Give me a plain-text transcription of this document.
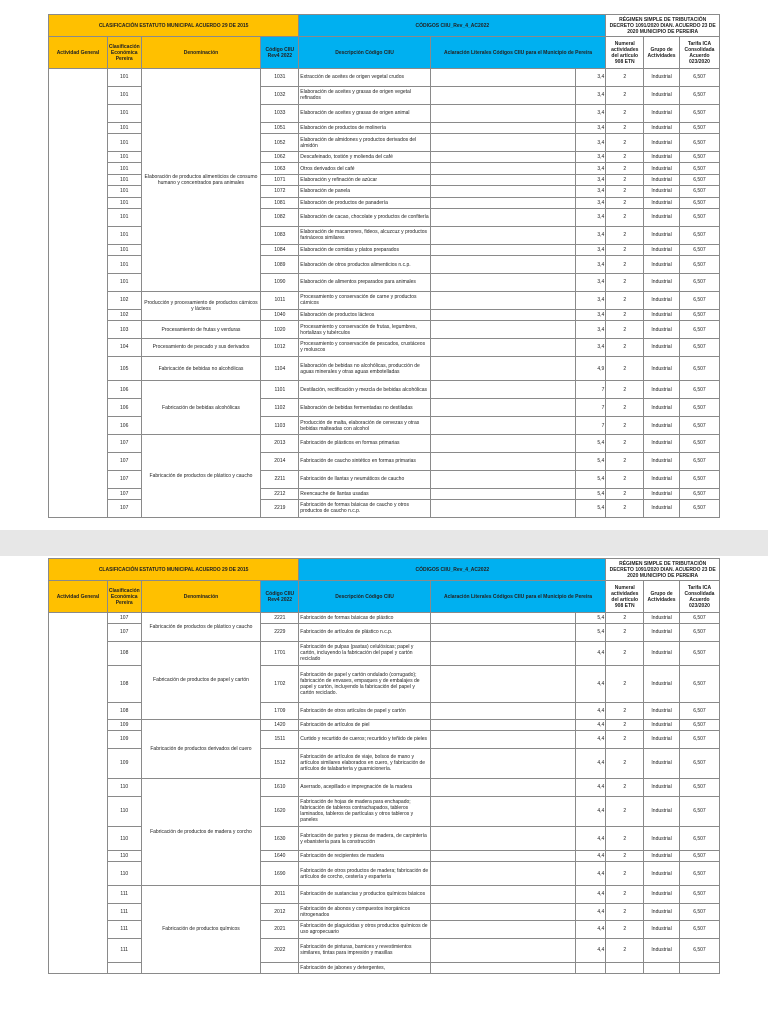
CLASIFICACIÓN ESTATUTO MUNICIPAL ACUERDO 29 DE 2015				CÓDIGOS CIIU_Rev_4_AC2022			RÉGIMEN SIMPLE DE TRIBUTACIÓN DECRETO 1091/2020 DIAN. ACUERDO 23 DE 2020 MUNICIPIO DE PEREIRA		
Actividad General	Clasificación Económica Pereira	Denominación	Código CIIU Rev4 2022	Descripción Código CIIU	Aclaración Literales Códigos CIIU para el Municipio de Pereira		Numeral actividades del artículo 908 ETN	Grupo de Actividades	Tarifa ICA Consolidada Acuerdo 023/2020
	101	Elaboración de productos alimenticios de consumo humano y concentrados para animales	1031	Extracción de aceites de origen vegetal crudos		3,4	2	Industrial	6,507
	101		1032	Elaboración de aceites y grasas de origen vegetal refinados		3,4	2	Industrial	6,507
	101		1033	Elaboración de aceites y grasas de origen animal		3,4	2	Industrial	6,507
	101		1051	Elaboración de productos de molinería		3,4	2	Industrial	6,507
	101		1052	Elaboración de almidones y productos derivados del almidón		3,4	2	Industrial	6,507
	101		1062	Descafeinado, tostión y molienda del café		3,4	2	Industrial	6,507
	101		1063	Otros derivados del café		3,4	2	Industrial	6,507
	101		1071	Elaboración y refinación de azúcar		3,4	2	Industrial	6,507
	101		1072	Elaboración de panela		3,4	2	Industrial	6,507
	101		1081	Elaboración de productos de panadería		3,4	2	Industrial	6,507
	101		1082	Elaboración de cacao, chocolate y productos de confitería		3,4	2	Industrial	6,507
	101		1083	Elaboración de macarrones, fideos, alcuzcuz y productos farináceos similares		3,4	2	Industrial	6,507
	101		1084	Elaboración de comidas y platos preparados		3,4	2	Industrial	6,507
	101		1089	Elaboración de otros productos alimenticios n.c.p.		3,4	2	Industrial	6,507
	101		1090	Elaboración de alimentos preparados para animales		3,4	2	Industrial	6,507
	102	Producción y procesamiento de productos cárnicos y lácteos	1011	Procesamiento y conservación de carne y productos cárnicos		3,4	2	Industrial	6,507
	102		1040	Elaboración de productos lácteos		3,4	2	Industrial	6,507
	103	Procesamiento de frutas y verduras	1020	Procesamiento y conservación de frutas, legumbres, hortalizas y tubérculos		3,4	2	Industrial	6,507
	104	Procesamiento de pescado y sus derivados	1012	Procesamiento y conservación de pescados, crustáceos y moluscos		3,4	2	Industrial	6,507
	105	Fabricación de bebidas no alcohólicas	1104	Elaboración de bebidas no alcohólicas, producción de aguas minerales y otras aguas embotelladas		4,9	2	Industrial	6,507
	106	Fabricación de bebidas alcohólicas	1101	Destilación, rectificación y mezcla de bebidas alcohólicas		7	2	Industrial	6,507
	106		1102	Elaboración de bebidas fermentadas no destiladas		7	2	Industrial	6,507
	106		1103	Producción de malta, elaboración de cervezas y otras bebidas malteadas con alcohol		7	2	Industrial	6,507
	107	Fabricación de productos de plástico y caucho	2013	Fabricación de plásticos en formas primarias		5,4	2	Industrial	6,507
	107		2014	Fabricación de caucho sintético en formas primarias		5,4	2	Industrial	6,507
	107		2211	Fabricación de llantas y neumáticos de caucho		5,4	2	Industrial	6,507
	107		2212	Reencauche de llantas usadas		5,4	2	Industrial	6,507
	107		2219	Fabricación de formas básicas de caucho y otros productos de caucho n.c.p.		5,4	2	Industrial	6,507
CLASIFICACIÓN ESTATUTO MUNICIPAL ACUERDO 29 DE 2015				CÓDIGOS CIIU_Rev_4_AC2022			RÉGIMEN SIMPLE DE TRIBUTACIÓN DECRETO 1091/2020 DIAN. ACUERDO 23 DE 2020 MUNICIPIO DE PEREIRA		
Actividad General	Clasificación Económica Pereira	Denominación	Código CIIU Rev4 2022	Descripción Código CIIU	Aclaración Literales Códigos CIIU para el Municipio de Pereira		Numeral actividades del artículo 908 ETN	Grupo de Actividades	Tarifa ICA Consolidada Acuerdo 023/2020
	107	Fabricación de productos de plástico y caucho	2221	Fabricación de formas básicas de plástico		5,4	2	Industrial	6,507
	107		2229	Fabricación de artículos de plástico n.c.p.		5,4	2	Industrial	6,507
	108	Fabricación de productos de papel y cartón	1701	Fabricación de pulpas (pastas) celulósicas; papel y cartón, incluyendo la fabricación del papel y cartón reciclado		4,4	2	Industrial	6,507
	108		1702	Fabricación de papel y cartón ondulado (corrugado); fabricación de envases, empaques y de embalajes de papel y cartón, incluyendo la fabricación del papel y cartón reciclado.		4,4	2	Industrial	6,507
	108		1709	Fabricación de otros artículos de papel y cartón		4,4	2	Industrial	6,507
	109	Fabricación de productos derivados del cuero	1420	Fabricación de artículos de piel		4,4	2	Industrial	6,507
	109		1511	Curtido y recurtido de cueros; recurtido y teñido de pieles		4,4	2	Industrial	6,507
	109		1512	Fabricación de artículos de viaje, bolsos de mano y artículos similares elaborados en cuero, y fabricación de artículos de talabartería y guarnicionería.		4,4	2	Industrial	6,507
	110	Fabricación de productos de madera y corcho	1610	Aserrado, acepillado e impregnación de la madera		4,4	2	Industrial	6,507
	110		1620	Fabricación de hojas de madera para enchapado; fabricación de tableros contrachapados, tableros laminados, tableros de partículas y otros tableros y paneles		4,4	2	Industrial	6,507
	110		1630	Fabricación de partes y piezas de madera, de carpintería y ebanistería para la construcción		4,4	2	Industrial	6,507
	110		1640	Fabricación de recipientes de madera		4,4	2	Industrial	6,507
	110		1690	Fabricación de otros productos de madera; fabricación de artículos de corcho, cestería y espartería		4,4	2	Industrial	6,507
	111	Fabricación de productos químicos	2011	Fabricación de sustancias y productos químicos básicos		4,4	2	Industrial	6,507
	111		2012	Fabricación de abonos y compuestos inorgánicos nitrogenados		4,4	2	Industrial	6,507
	111		2021	Fabricación de plaguicidas y otros productos químicos de uso agropecuario		4,4	2	Industrial	6,507
	111		2022	Fabricación de pinturas, barnices y revestimientos similares, tintas para impresión y masillas		4,4	2	Industrial	6,507
				Fabricación de jabones y detergentes,					
